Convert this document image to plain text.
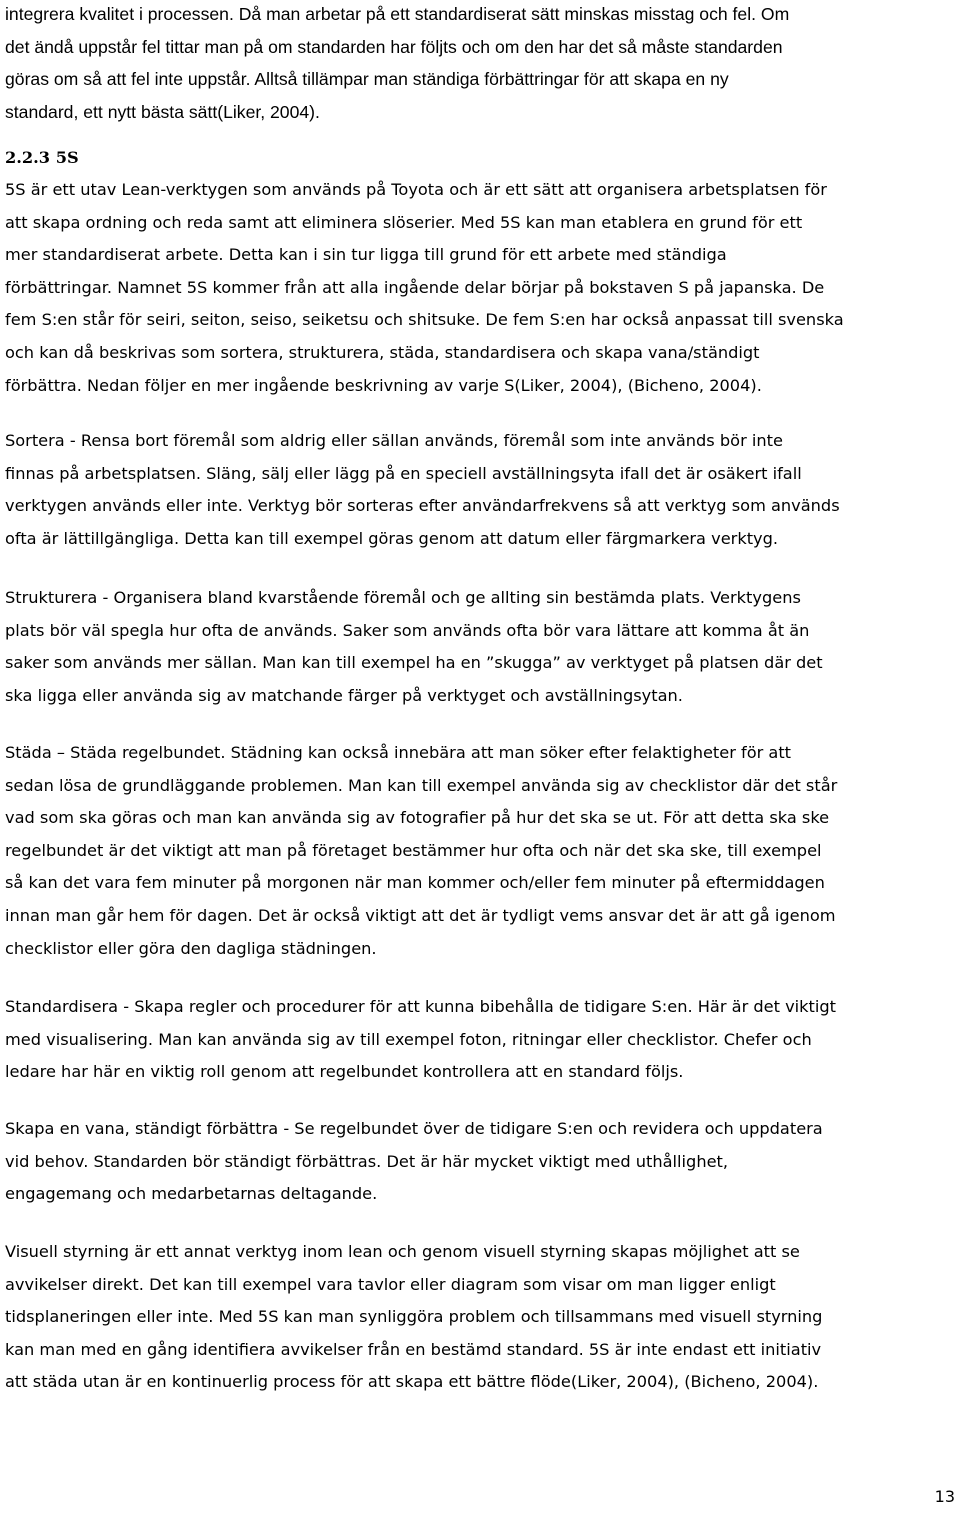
integrera kvalitet i processen. Då man arbetar på ett standardiserat sätt minskas misstag och fel. Om
det ändå uppstår fel tittar man på om standarden har följts och om den har det så måste standarden
göras om så att fel inte uppstår. Alltså tillämpar man ständiga förbättringar för att skapa en ny
standard, ett nytt bästa sätt(Liker, 2004).
2.2.3 5S
5S är ett utav Lean-verktygen som används på Toyota och är ett sätt att organisera arbetsplatsen för
att skapa ordning och reda samt att eliminera slöserier. Med 5S kan man etablera en grund för ett
mer standardiserat arbete. Detta kan i sin tur ligga till grund för ett arbete med ständiga
förbättringar. Namnet 5S kommer från att alla ingående delar börjar på bokstaven S på japanska. De
fem S:en står för seiri, seiton, seiso, seiketsu och shitsuke. De fem S:en har också anpassat till svenska
och kan då beskrivas som sortera, strukturera, städa, standardisera och skapa vana/ständigt
förbättra. Nedan följer en mer ingående beskrivning av varje S(Liker, 2004), (Bicheno, 2004).
Sortera - Rensa bort föremål som aldrig eller sällan används, föremål som inte används bör inte
finnas på arbetsplatsen. Släng, sälj eller lägg på en speciell avställningsyta ifall det är osäkert ifall
verktygen används eller inte. Verktyg bör sorteras efter användarfrekvens så att verktyg som används
ofta är lättillgängliga. Detta kan till exempel göras genom att datum eller färgmarkera verktyg.
Strukturera - Organisera bland kvarstående föremål och ge allting sin bestämda plats. Verktygens
plats bör väl spegla hur ofta de används. Saker som används ofta bör vara lättare att komma åt än
saker som används mer sällan. Man kan till exempel ha en ”skugga” av verktyget på platsen där det
ska ligga eller använda sig av matchande färger på verktyget och avställningsytan.
Städa – Städa regelbundet. Städning kan också innebära att man söker efter felaktigheter för att
sedan lösa de grundläggande problemen. Man kan till exempel använda sig av checklistor där det står
vad som ska göras och man kan använda sig av fotografier på hur det ska se ut. För att detta ska ske
regelbundet är det viktigt att man på företaget bestämmer hur ofta och när det ska ske, till exempel
så kan det vara fem minuter på morgonen när man kommer och/eller fem minuter på eftermiddagen
innan man går hem för dagen. Det är också viktigt att det är tydligt vems ansvar det är att gå igenom
checklistor eller göra den dagliga städningen.
Standardisera - Skapa regler och procedurer för att kunna bibehålla de tidigare S:en. Här är det viktigt
med visualisering. Man kan använda sig av till exempel foton, ritningar eller checklistor. Chefer och
ledare har här en viktig roll genom att regelbundet kontrollera att en standard följs.
Skapa en vana, ständigt förbättra - Se regelbundet över de tidigare S:en och revidera och uppdatera
vid behov. Standarden bör ständigt förbättras. Det är här mycket viktigt med uthållighet,
engagemang och medarbetarnas deltagande.
Visuell styrning är ett annat verktyg inom lean och genom visuell styrning skapas möjlighet att se
avvikelser direkt. Det kan till exempel vara tavlor eller diagram som visar om man ligger enligt
tidsplaneringen eller inte. Med 5S kan man synliggöra problem och tillsammans med visuell styrning
kan man med en gång identifiera avvikelser från en bestämd standard. 5S är inte endast ett initiativ
att städa utan är en kontinuerlig process för att skapa ett bättre flöde(Liker, 2004), (Bicheno, 2004).

13
